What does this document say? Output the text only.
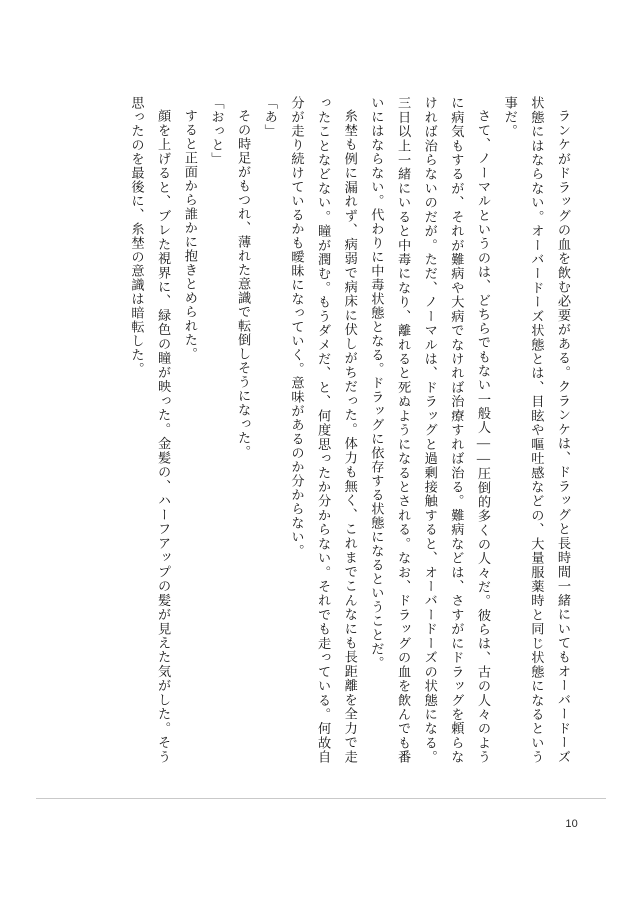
ランケがドラッグの血を飲む必要がある。クランケは、ドラッグと長時間一緒にいてもオーバードーズ状態にはならない。オーバードーズ状態とは、目眩や嘔吐感などの、大量服薬時と同じ状態になるという事だ。

さて、ノーマルというのは、どちらでもない一般人——圧倒的多くの人々だ。彼らは、古の人々のように病気もするが、それが難病や大病でなければ治療すれば治る。難病などは、さすがにドラッグを頼らなければ治らないのだが。ただ、ノーマルは、ドラッグと過剰接触すると、オーバードーズの状態になる。三日以上一緒にいると中毒になり、離れると死ぬようになるとされる。なお、ドラッグの血を飲んでも番いにはならない。代わりに中毒状態となる。ドラッグに依存する状態になるということだ。

糸埜も例に漏れず、病弱で病床に伏しがちだった。体力も無く、これまでこんなにも長距離を全力で走ったことなどない。瞳が潤む。もうダメだ、と、何度思ったか分からない。それでも走っている。何故自分が走り続けているかも曖昧になっていく。意味があるのか分からない。

「あ」

その時足がもつれ、薄れた意識で転倒しそうになった。

「おっと」

すると正面から誰かに抱きとめられた。

顔を上げると、ブレた視界に、緑色の瞳が映った。金髪の、ハーフアップの髪が見えた気がした。そう思ったのを最後に、糸埜の意識は暗転した。

10
